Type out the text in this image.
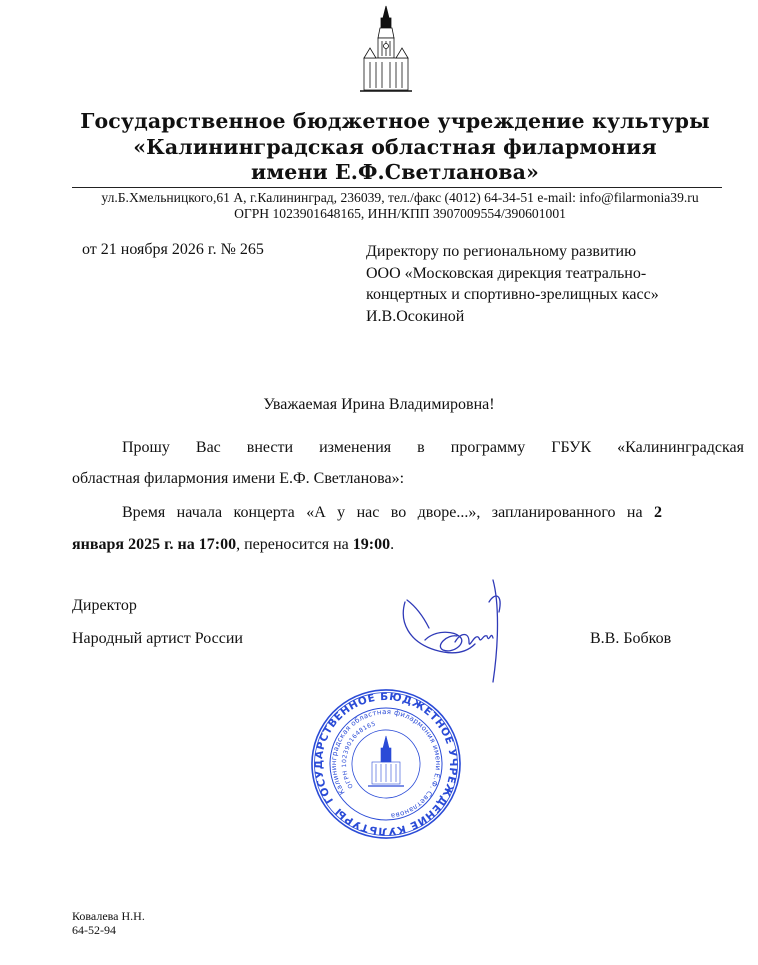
Государственное бюджетное учреждение культуры
«Калининградская областная филармония
имени Е.Ф.Светланова»
ул.Б.Хмельницкого,61 А, г.Калининград, 236039, тел./факс (4012) 64-34-51 e-mail: info@filarmonia39.ru
ОГРН 1023901648165, ИНН/КПП 3907009554/390601001
от 21 ноября 2026 г. № 265	Директору по региональному развитию
ООО «Московская дирекция театрально-
концертных и спортивно-зрелищных касс»
И.В.Осокиной
Уважаемая Ирина Владимировна!
Прошу Вас внести изменения в программу ГБУК «Калининградская
областная филармония имени Е.Ф. Светланова»:
Время начала концерта «А у нас во дворе...», запланированного на 2
января 2025 г. на 17:00, переносится на 19:00.
Директор
Народный артист России	В.В. Бобков
ГОСУДАРСТВЕННОЕ БЮДЖЕТНОЕ УЧРЕЖДЕНИЕ КУЛЬТУРЫ
Калининградская областная филармония имени Е.Ф. Светланова
ОГРН 1023901648165
Ковалева Н.Н.
64-52-94
